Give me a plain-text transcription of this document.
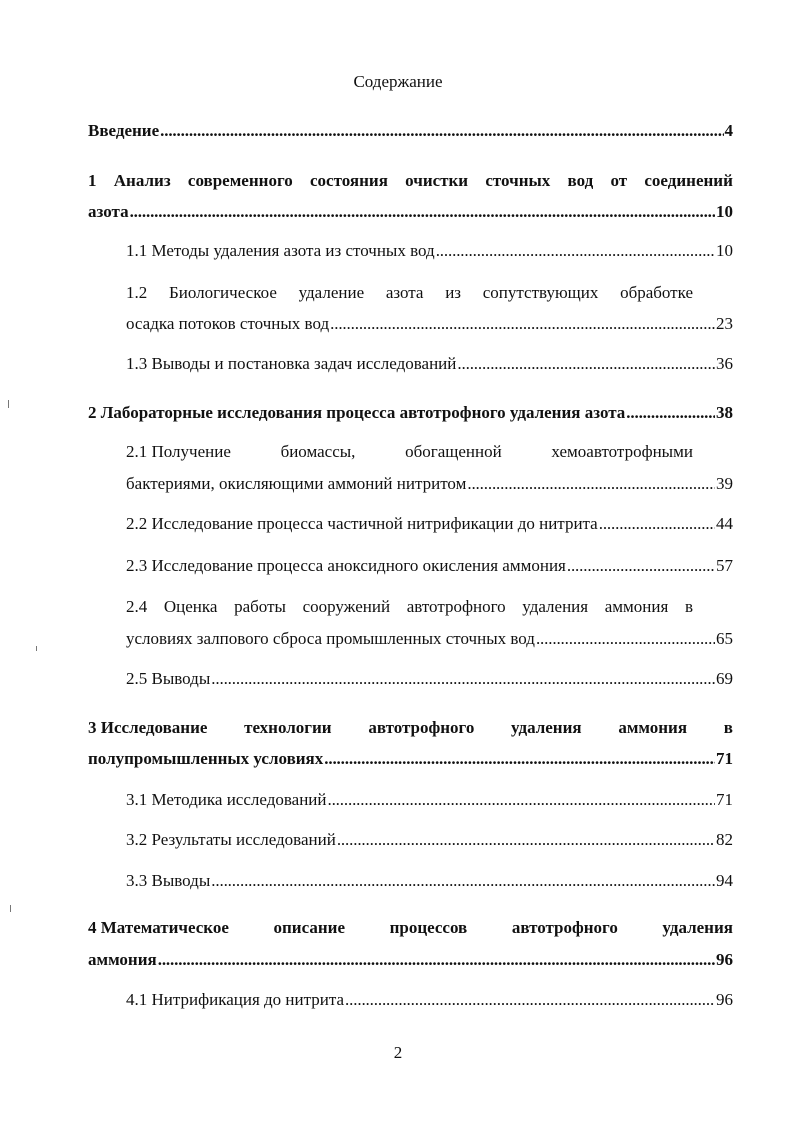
Содержание
Введение . . .	4
1 Анализ современного состояния очистки сточных вод от соединений
азота . . .	10
1.1 Методы удаления азота из сточных вод . . .	10
1.2 Биологическое удаление азота из сопутствующих обработке
осадка потоков сточных вод . . .	23
1.3 Выводы и постановка задач исследований . . .	36
2 Лабораторные исследования процесса автотрофного удаления азота . . .	38
2.1 Получение	биомассы,	обогащенной	хемоавтотрофными
бактериями, окисляющими аммоний нитритом . . .	39
2.2 Исследование процесса частичной нитрификации до нитрита . . .	44
2.3 Исследование процесса аноксидного окисления аммония . . .	57
2.4 Оценка работы сооружений автотрофного удаления аммония в
условиях залпового сброса промышленных сточных вод . . .	65
2.5 Выводы . . .	69
3 Исследование технологии автотрофного удаления аммония в
полупромышленных условиях . . .	71
3.1 Методика исследований . . .	71
3.2 Результаты исследований . . .	82
3.3 Выводы . . .	94
4 Математическое	описание	процессов	автотрофного	удаления
аммония . . .	96
4.1 Нитрификация до нитрита . . .	96
2
